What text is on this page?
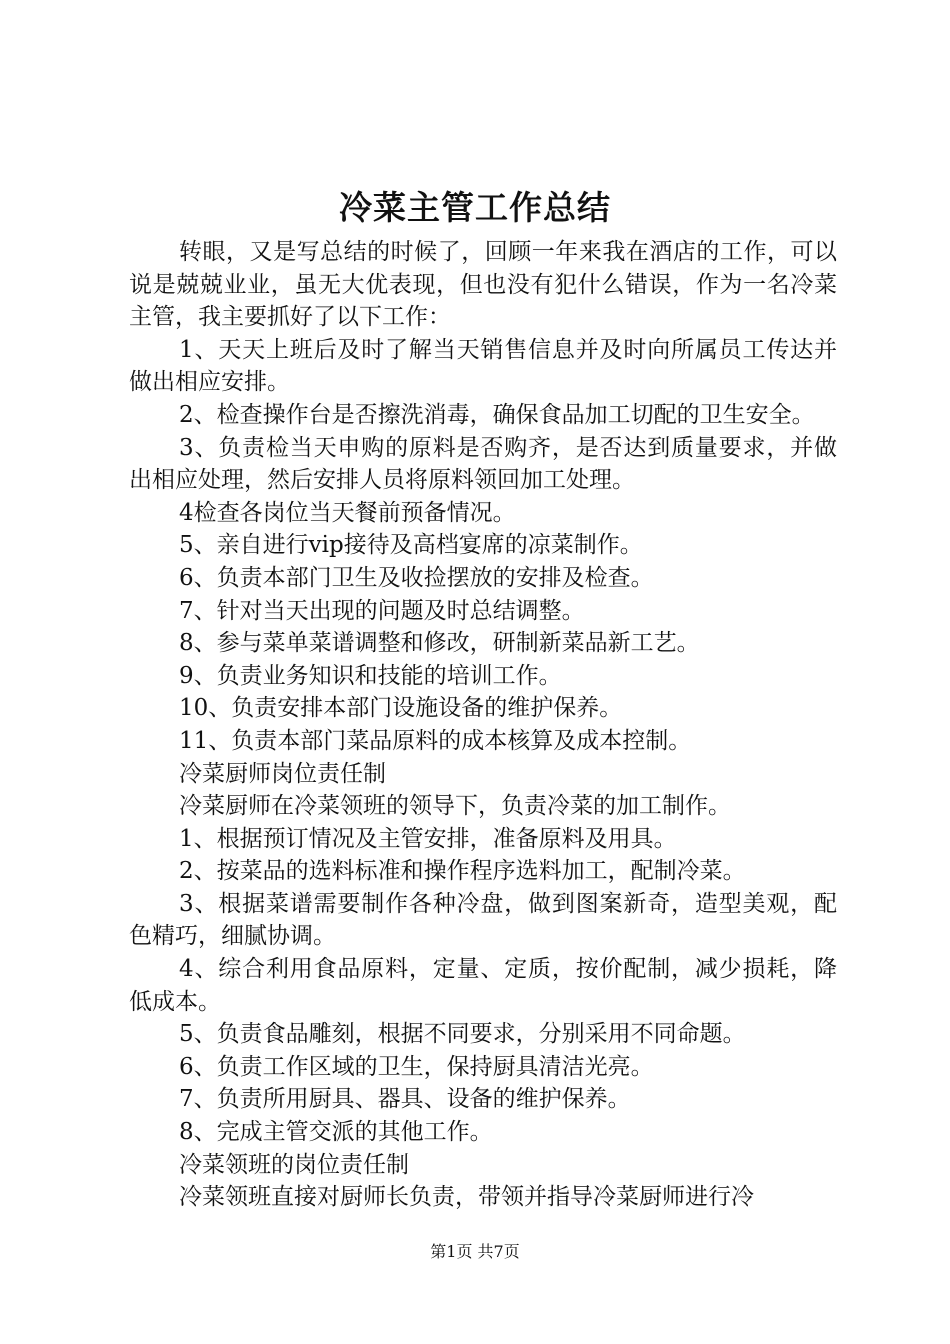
冷菜主管工作总结

转眼，又是写总结的时候了，回顾一年来我在酒店的工作，可以说是兢兢业业，虽无大优表现，但也没有犯什么错误，作为一名冷菜主管，我主要抓好了以下工作：

1、天天上班后及时了解当天销售信息并及时向所属员工传达并做出相应安排。

2、检查操作台是否擦洗消毒，确保食品加工切配的卫生安全。

3、负责检当天申购的原料是否购齐，是否达到质量要求，并做出相应处理，然后安排人员将原料领回加工处理。

4检查各岗位当天餐前预备情况。

5、亲自进行vip接待及高档宴席的凉菜制作。

6、负责本部门卫生及收捡摆放的安排及检查。

7、针对当天出现的问题及时总结调整。

8、参与菜单菜谱调整和修改，研制新菜品新工艺。

9、负责业务知识和技能的培训工作。

10、负责安排本部门设施设备的维护保养。

11、负责本部门菜品原料的成本核算及成本控制。

冷菜厨师岗位责任制

冷菜厨师在冷菜领班的领导下，负责冷菜的加工制作。

1、根据预订情况及主管安排，准备原料及用具。

2、按菜品的选料标准和操作程序选料加工，配制冷菜。

3、根据菜谱需要制作各种冷盘，做到图案新奇，造型美观，配色精巧，细腻协调。

4、综合利用食品原料，定量、定质，按价配制，减少损耗，降低成本。

5、负责食品雕刻，根据不同要求，分别采用不同命题。

6、负责工作区域的卫生，保持厨具清洁光亮。

7、负责所用厨具、器具、设备的维护保养。

8、完成主管交派的其他工作。

冷菜领班的岗位责任制

冷菜领班直接对厨师长负责，带领并指导冷菜厨师进行冷

第1页 共7页
